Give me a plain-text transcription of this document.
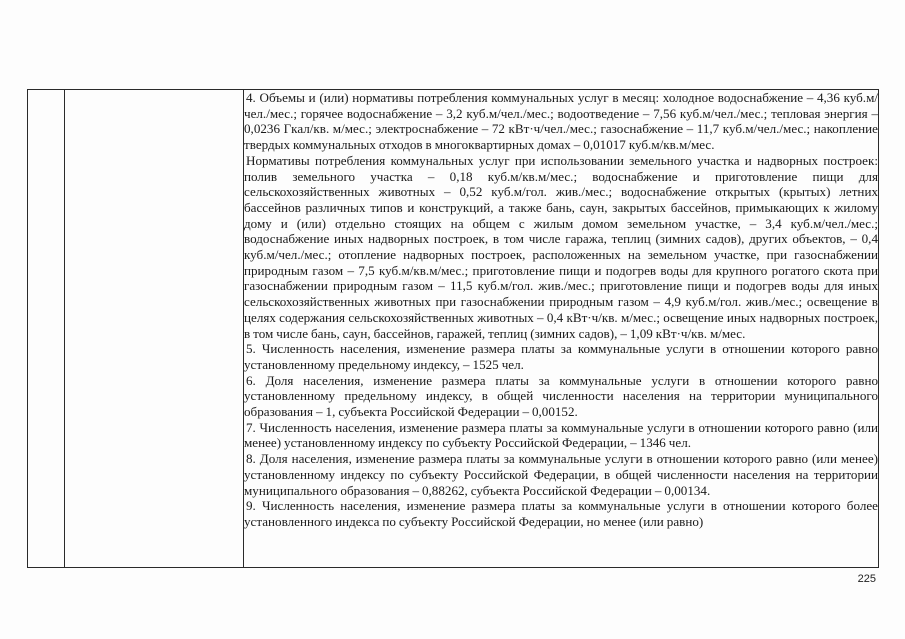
4. Объемы и (или) нормативы потребления коммунальных услуг в месяц: холодное водоснабжение – 4,36 куб.м/чел./мес.; горячее водоснабжение – 3,2 куб.м/чел./мес.; водоотведение – 7,56 куб.м/чел./мес.; тепловая энергия – 0,0236 Гкал/кв. м/мес.; электроснабжение – 72 кВт·ч/чел./мес.; газоснабжение – 11,7 куб.м/чел./мес.; накопление твердых коммунальных отходов в многоквартирных домах – 0,01017 куб.м/кв.м/мес.

Нормативы потребления коммунальных услуг при использовании земельного участка и надворных построек: полив земельного участка – 0,18 куб.м/кв.м/мес.; водоснабжение и приготовление пищи для сельскохозяйственных животных – 0,52 куб.м/гол. жив./мес.; водоснабжение открытых (крытых) летних бассейнов различных типов и конструкций, а также бань, саун, закрытых бассейнов, примыкающих к жилому дому и (или) отдельно стоящих на общем с жилым домом земельном участке, – 3,4 куб.м/чел./мес.; водоснабжение иных надворных построек, в том числе гаража, теплиц (зимних садов), других объектов, – 0,4 куб.м/чел./мес.; отопление надворных построек, расположенных на земельном участке, при газоснабжении природным газом – 7,5 куб.м/кв.м/мес.; приготовление пищи и подогрев воды для крупного рогатого скота при газоснабжении природным газом – 11,5 куб.м/гол. жив./мес.; приготовление пищи и подогрев воды для иных сельскохозяйственных животных при газоснабжении природным газом – 4,9 куб.м/гол. жив./мес.; освещение в целях содержания сельскохозяйственных животных – 0,4 кВт·ч/кв. м/мес.; освещение иных надворных построек, в том числе бань, саун, бассейнов, гаражей, теплиц (зимних садов), – 1,09 кВт·ч/кв. м/мес.

5. Численность населения, изменение размера платы за коммунальные услуги в отношении которого равно установленному предельному индексу, – 1525 чел.

6. Доля населения, изменение размера платы за коммунальные услуги в отношении которого равно установленному предельному индексу, в общей численности населения на территории муниципального образования – 1, субъекта Российской Федерации – 0,00152.

7. Численность населения, изменение размера платы за коммунальные услуги в отношении которого равно (или менее) установленному индексу по субъекту Российской Федерации, – 1346 чел.

8. Доля населения, изменение размера платы за коммунальные услуги в отношении которого равно (или менее) установленному индексу по субъекту Российской Федерации, в общей численности населения на территории муниципального образования – 0,88262, субъекта Российской Федерации – 0,00134.

9. Численность населения, изменение размера платы за коммунальные услуги в отношении которого более установленного индекса по субъекту Российской Федерации, но менее (или равно)

225
